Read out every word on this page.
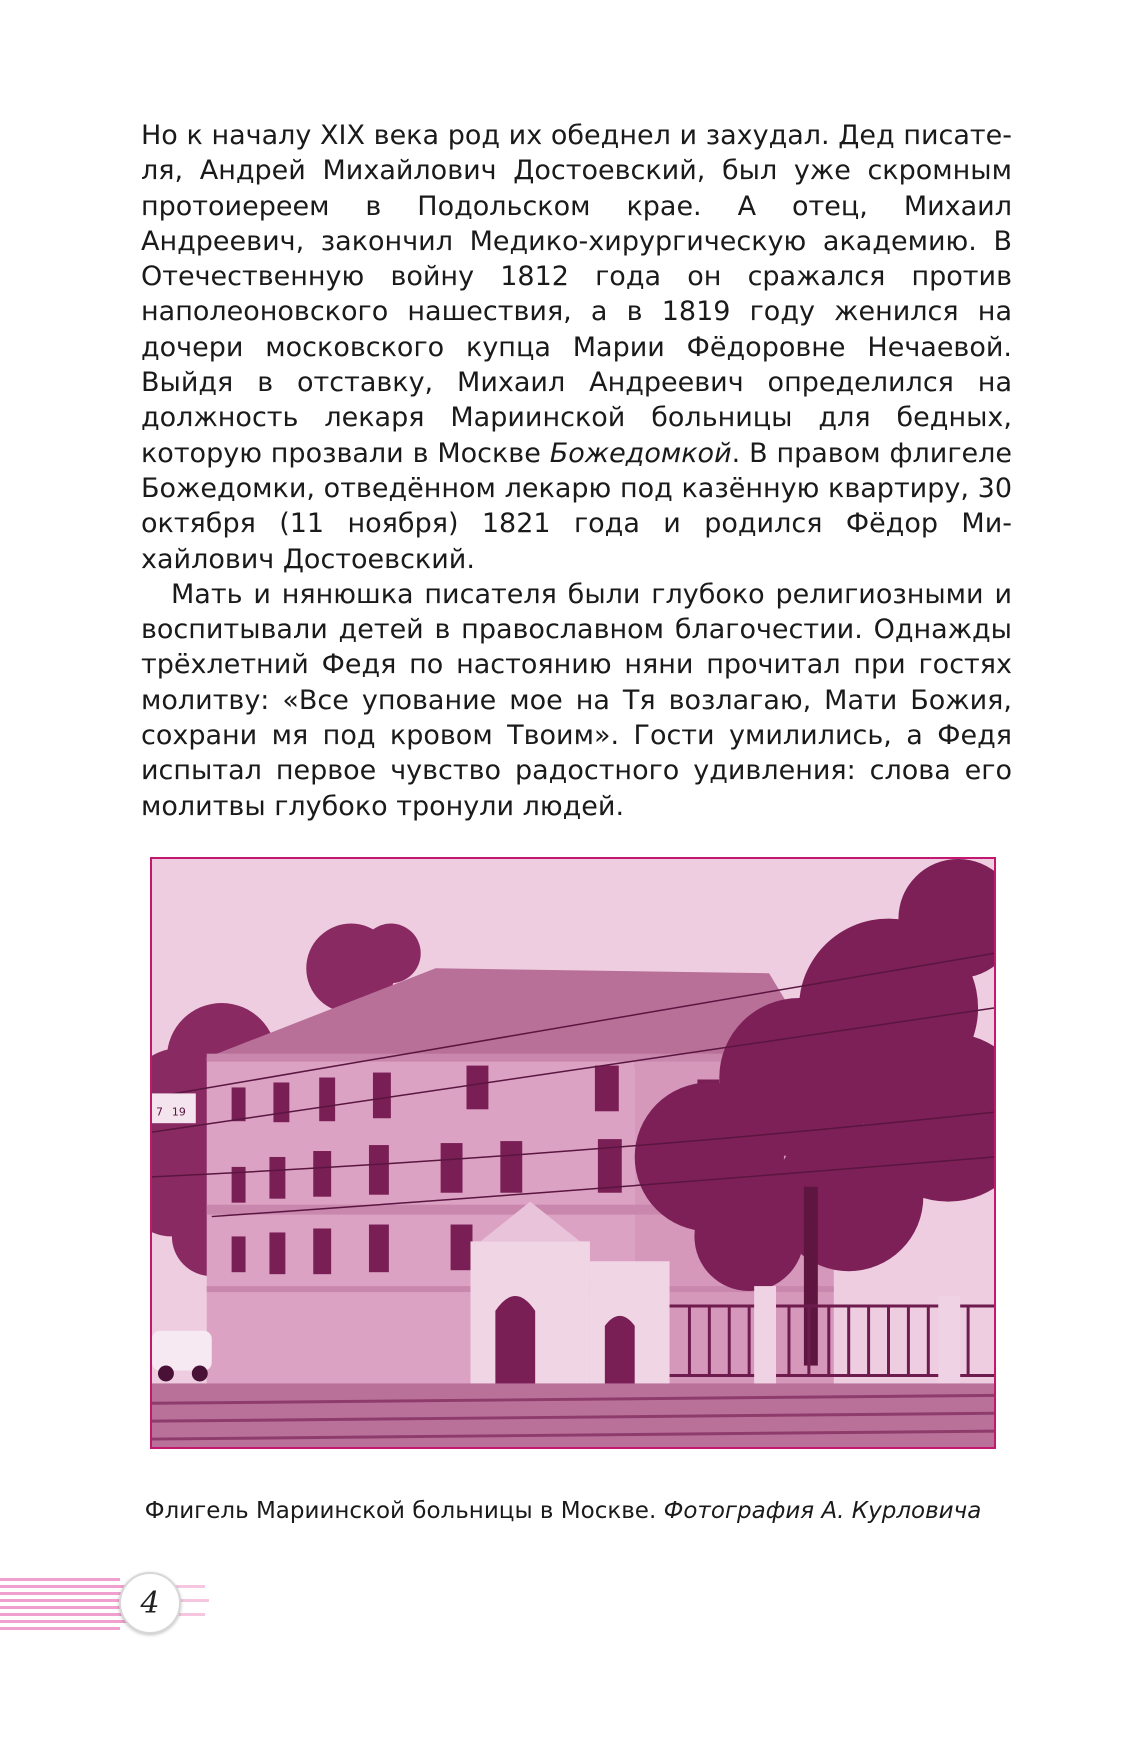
Но к началу XIX века род их обеднел и захудал. Дед писателя, Андрей Михайлович Достоевский, был уже скромным протоиереем в Подольском крае. А отец, Михаил Андреевич, закончил Медико-хирургическую академию. В Отечественную войну 1812 года он сражался против наполеоновского нашествия, а в 1819 году женился на дочери московского купца Марии Фёдоровне Нечаевой. Выйдя в отставку, Михаил Андреевич определился на должность лекаря Мариинской больницы для бедных, которую прозвали в Москве Божедомкой. В правом флигеле Божедомки, отведённом лекарю под казённую квартиру, 30 октября (11 ноября) 1821 года и родился Фёдор Михайлович Достоевский.

Мать и нянюшка писателя были глубоко религиозными и воспитывали детей в православном благочестии. Однажды трёхлетний Федя по настоянию няни прочитал при гостях молитву: «Все упование мое на Тя возлагаю, Мати Божия, сохрани мя под кровом Твоим». Гости умилились, а Федя испытал первое чувство радостного удивления: слова его молитвы глубоко тронули людей.

7 19
Флигель Мариинской больницы в Москве. Фотография А. Курловича
4
